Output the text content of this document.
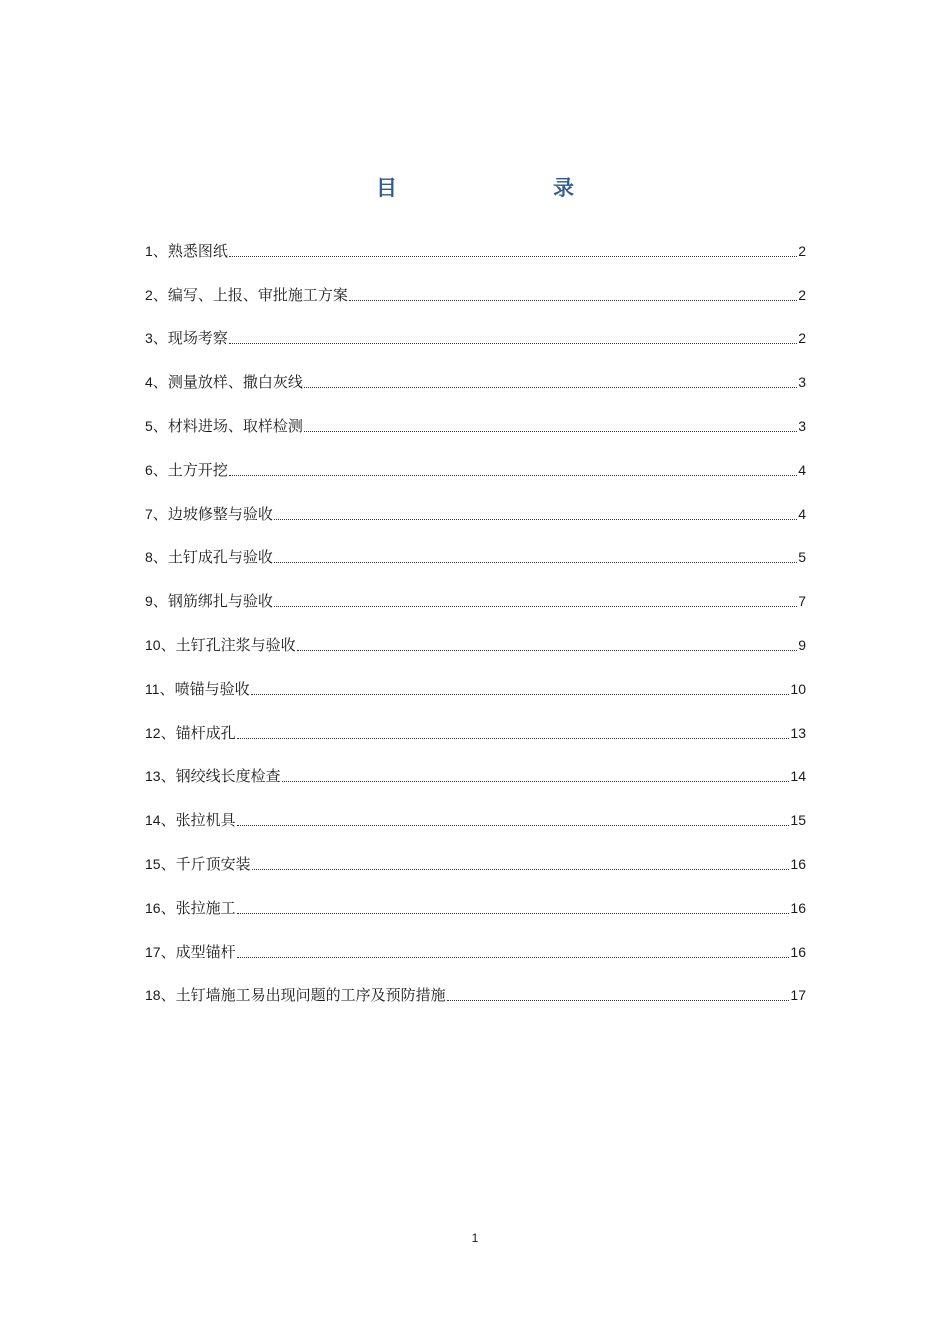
目　　录
1 、 熟悉图纸	2
2 、 编写、上报、审批施工方案	2
3 、 现场考察	2
4 、 测量放样、撒白灰线	3
5 、 材料进场、取样检测	3
6 、 土方开挖	4
7 、 边坡修整与验收	4
8 、 土钉成孔与验收	5
9 、 钢筋绑扎与验收	7
10 、 土钉孔注浆与验收	9
11 、 喷锚与验收	10
12 、 锚杆成孔	13
13 、 钢绞线长度检查	14
14 、 张拉机具	15
15 、 千斤顶安装	16
16 、 张拉施工	16
17 、 成型锚杆	16
18 、 土钉墙施工易出现问题的工序及预防措施	17
1
